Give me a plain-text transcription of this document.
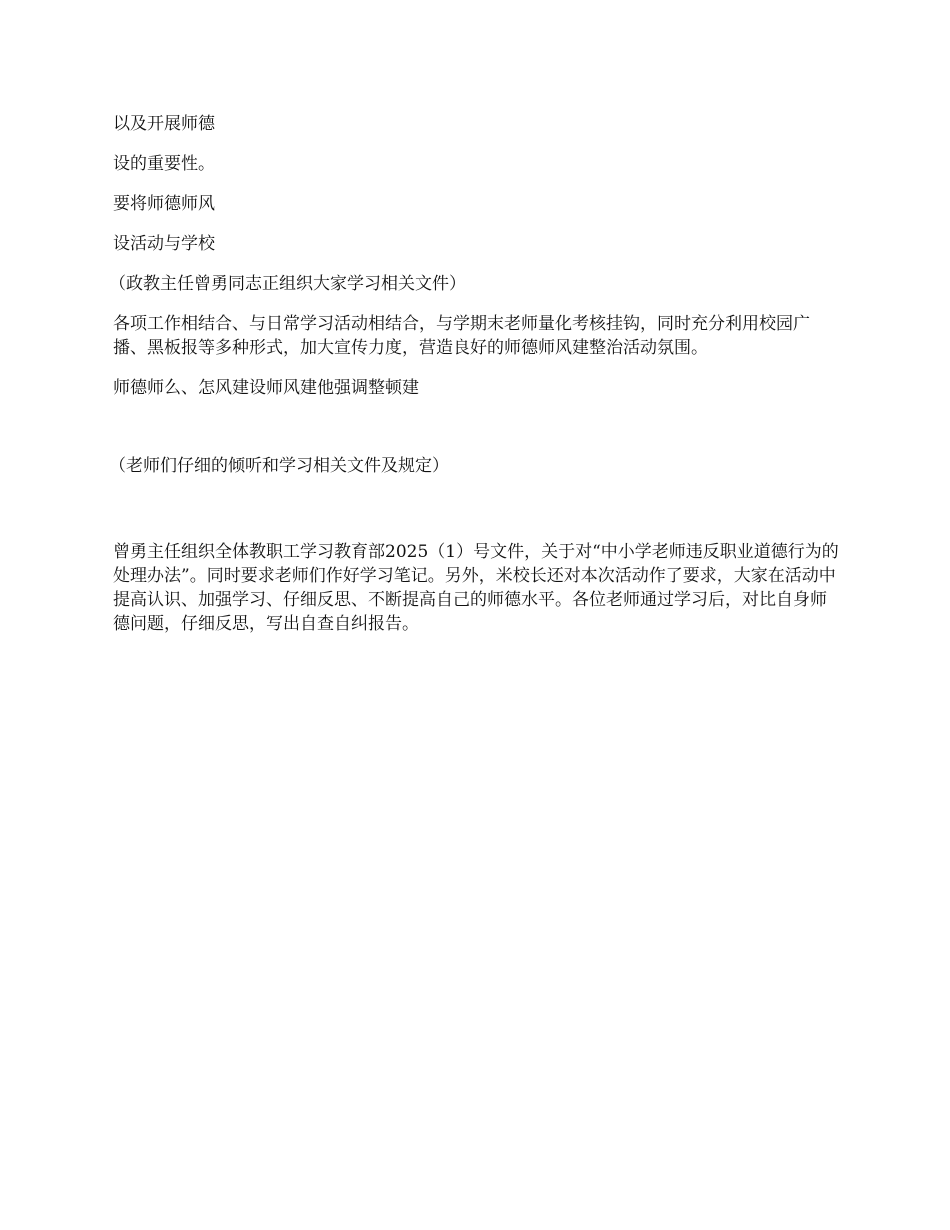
以及开展师德

设的重要性。

要将师德师风

设活动与学校

（政教主任曾勇同志正组织大家学习相关文件）

各项工作相结合、与日常学习活动相结合，与学期末老师量化考核挂钩，同时充分利用校园广播、黑板报等多种形式，加大宣传力度，营造良好的师德师风建整治活动氛围。

师德师么、怎风建设师风建他强调整顿建

（老师们仔细的倾听和学习相关文件及规定）

曾勇主任组织全体教职工学习教育部2025（1）号文件，关于对“中小学老师违反职业道德行为的处理办法”。同时要求老师们作好学习笔记。另外，米校长还对本次活动作了要求，大家在活动中提高认识、加强学习、仔细反思、不断提高自己的师德水平。各位老师通过学习后，对比自身师德问题，仔细反思，写出自查自纠报告。
